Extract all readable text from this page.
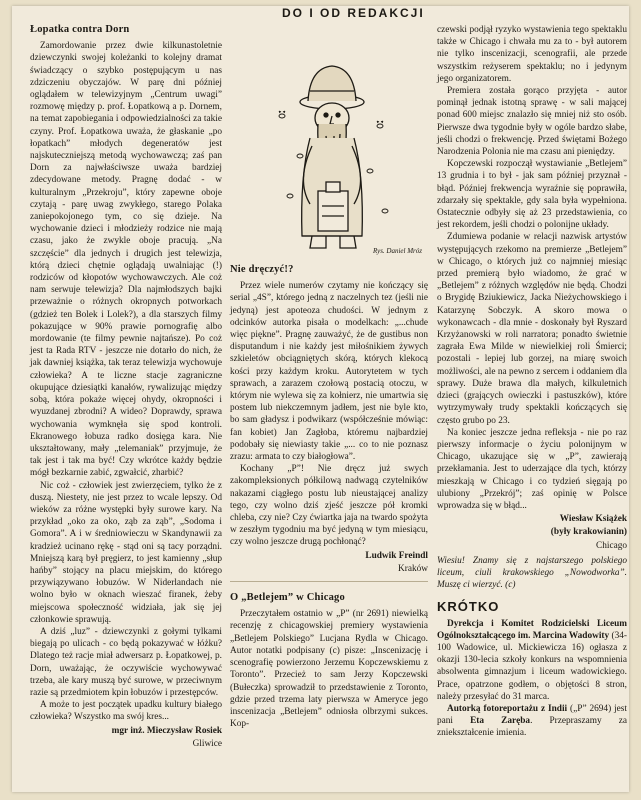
Łopatka contra Dorn

Zamordowanie przez dwie kilkunastoletnie dziewczynki swojej koleżanki to kolejny dramat świadczący o szybko postępującym u nas zdziczeniu obyczajów. W parę dni później oglądałem w telewizyjnym „Centrum uwagi” rozmowę między p. prof. Łopatkową a p. Dornem, na temat zapobiegania i odpowiedzialności za takie czyny. Prof. Łopatkowa uważa, że głaskanie „po łopatkach” młodych degeneratów jest najskuteczniejszą metodą wychowawczą; zaś pan Dorn za najwłaściwsze uważa bardziej zdecydowane metody. Pragnę dodać - w kulturalnym „Przekroju”, który zapewne oboje czytają - parę uwag zwykłego, starego Polaka zaniepokojonego tym, co się dzieje. Na wychowanie dzieci i młodzieży rodzice nie mają czasu, jako że zwykle oboje pracują. „Na szczęście” dla jednych i drugich jest telewizja, którą dzieci chętnie oglądają uwalniając (!) rodziców od kłopotów wychowawczych. Ale coż nam serwuje telewizja? Dla najmłodszych bajki przeważnie o różnych okropnych potworkach (gdzież ten Bolek i Lolek?), a dla starszych filmy pokazujące w 90% prawie pornografię albo mordowanie (te filmy pewnie najtańsze). Po coż jest ta Rada RTV - jeszcze nie dotarło do nich, że jak dawniej książka, tak teraz telewizja wychowuje człowieka? A te liczne stacje zagraniczne okupujące dziesiątki kanałów, rywalizując między sobą, która pokaże więcej ohydy, okropności i wyuzdanej zbrodni? A wideo? Doprawdy, sprawa wychowania wymknęła się spod kontroli. Ekranowego łobuza radko dosięga kara. Nie ukształtowany, mały „telemaniak” przyjmuje, że tak jest i tak ma być! Czy wkrótce każdy będzie mógł bezkarnie zabić, zgwałcić, zharbić?

Nic coż - człowiek jest zwierzęciem, tylko że z duszą. Niestety, nie jest przez to wcale lepszy. Od wieków za różne występki były surowe kary. Na przykład „oko za oko, ząb za ząb”, „Sodoma i Gomora”. A i w średniowieczu w Skandynawii za kradzież ucinano rękę - stąd oni są tacy porządni. Mniejszą karą był pręgierz, to jest kamienny „słup hańby” stojący na placu miejskim, do którego przywiązywano łobuzów. W Niderlandach nie wolno było w oknach wieszać firanek, żeby miejscowa społeczność widziała, jak się jej członkowie sprawują.

A dziś „luz” - dziewczynki z gołymi tylkami biegają po ulicach - co będą pokazywać w łóżku? Dlatego też racje miał adwersarz p. Łopatkowej, p. Dorn, uważając, że oczywiście wychowywać trzeba, ale kary muszą być surowe, w przeciwnym razie są przedmiotem kpin łobuzów i przestępców.

A może to jest początek upadku kultury białego człowieka? Wszystko ma swój kres...

mgr inż. Mieczysław Rosiek
Gliwice
DO I OD REDAKCJI
Rys. Daniel Mróz
Nie dręczyć!?

Przez wiele numerów czytamy nie kończący się serial „4S”, którego jedną z naczelnych tez (jeśli nie jedyną) jest apoteoza chudości. W jednym z odcinków autorka pisała o modelkach: „...chude więc piękne”. Pragnę zauważyć, że de gustibus non disputandum i nie każdy jest miłośnikiem żywych szkieletów obciągniętych skórą, których klekocą kości przy każdym kroku. Autorytetem w tych sprawach, a zarazem czołową postacią otoczu, w którym nie wylewa się za kołnierz, nie umartwia się postem lub niekczemnym jadłem, jest nie byle kto, bo sam gładysz i podwikarz (współcześnie mówiąc: fan kobiet) Jan Zagłoba, któremu najbardziej podobały się niewiasty takie „... co to nie poznasz zrazu: armata to czy białogłowa”.

Kochany „P”! Nie dręcz już swych zakompleksionych półkilową nadwagą czytelników nakazami ciągłego postu lub nieustającej analizy tego, czy wolno dziś zjeść jeszcze pół kromki chleba, czy nie? Czy ćwiartka jaja na twardo spożyta w zeszłym tygodniu ma być jedyną w tym miesiącu, czy wolno jeszcze drugą pochłonąć?

Ludwik Freindl
Kraków
O „Betlejem” w Chicago

Przeczytałem ostatnio w „P” (nr 2691) niewielką recenzję z chicagowskiej premiery wystawienia „Betlejem Polskiego” Lucjana Rydla w Chicago. Autor notatki podpisany (c) pisze: „Inscenizację i scenografię powierzono Jerzemu Kopczewskiemu z Toronto”. Przecież to sam Jerzy Kopczewski (Bułeczka) sprowadził to przedstawienie z Toronto, gdzie przed trzema laty pierwsza w Ameryce jego inscenizacja „Betlejem” odniosła olbrzymi sukces. Kop-

czewski podjął ryzyko wystawienia tego spektaklu także w Chicago i chwała mu za to - był autorem nie tylko inscenizacji, scenografii, ale przede wszystkim reżyserem spektaklu; no i jedynym jego organizatorem.

Premiera została gorąco przyjęta - autor pominął jednak istotną sprawę - w sali mającej ponad 600 miejsc znalazło się mniej niż sto osób. Pierwsze dwa tygodnie były w ogóle bardzo słabe, jeśli chodzi o frekwencję. Przed świętami Bożego Narodzenia Polonia nie ma czasu ani pieniędzy.

Kopczewski rozpoczął wystawianie „Betlejem” 13 grudnia i to był - jak sam później przyznał - błąd. Później frekwencja wyraźnie się poprawiła, zdarzały się spektakle, gdy sala była wypełniona. Ostatecznie odbyły się aż 23 przedstawienia, co jest rekordem, jeśli chodzi o polonijne układy.

Zdumiewa podanie w relacji nazwisk artystów występujących rzekomo na premierze „Betlejem” w Chicago, o których już co najmniej miesiąc przed premierą było wiadomo, że grać w „Betlejem” z różnych względów nie będą. Chodzi o Brygidę Bziukiewicz, Jacka Nieżychowskiego i Katarzynę Sobczyk. A skoro mowa o wykonawcach - dla mnie - doskonały był Ryszard Krzyżanowski w roli narratora; ponadto świetnie zagrała Ewa Milde w niewielkiej roli Śmierci; pozostali - lepiej lub gorzej, na miarę swoich możliwości, ale na pewno z sercem i oddaniem dla sprawy. Duże brawa dla małych, kilkuletnich dzieci (grających owieczki i pastuszków), które wytrzymywały trudy spektakli kończących się często grubo po 23.

Na koniec jeszcze jedna refleksja - nie po raz pierwszy informacje o życiu polonijnym w Chicago, ukazujące się w „P”, zawierają przekłamania. Jest to uderzające dla tych, którzy mieszkają w Chicago i co tydzień sięgają po ulubiony „Przekrój”; zaś opinię w Polsce wprowadza się w błąd...

Wiesław Książek
(były krakowianin)
Chicago
Wiesiu! Znamy się z najstarszego polskiego liceum, ciuli krakowskiego „Nowodworka”. Muszę ci wierzyć. (c)
KRÓTKO

Dyrekcja i Komitet Rodzicielski Liceum Ogólnokształcącego im. Marcina Wadowity (34-100 Wadowice, ul. Mickiewicza 16) ogłasza z okazji 130-lecia szkoły konkurs na wspomnienia absolwenta gimnazjum i liceum wadowickiego. Prace, opatrzone godłem, o objętości 8 stron, należy przesyłać do 31 marca.

Autorką fotoreportażu z Indii („P” 2694) jest pani Eta Zaręba. Przepraszamy za zniekształcenie imienia.
